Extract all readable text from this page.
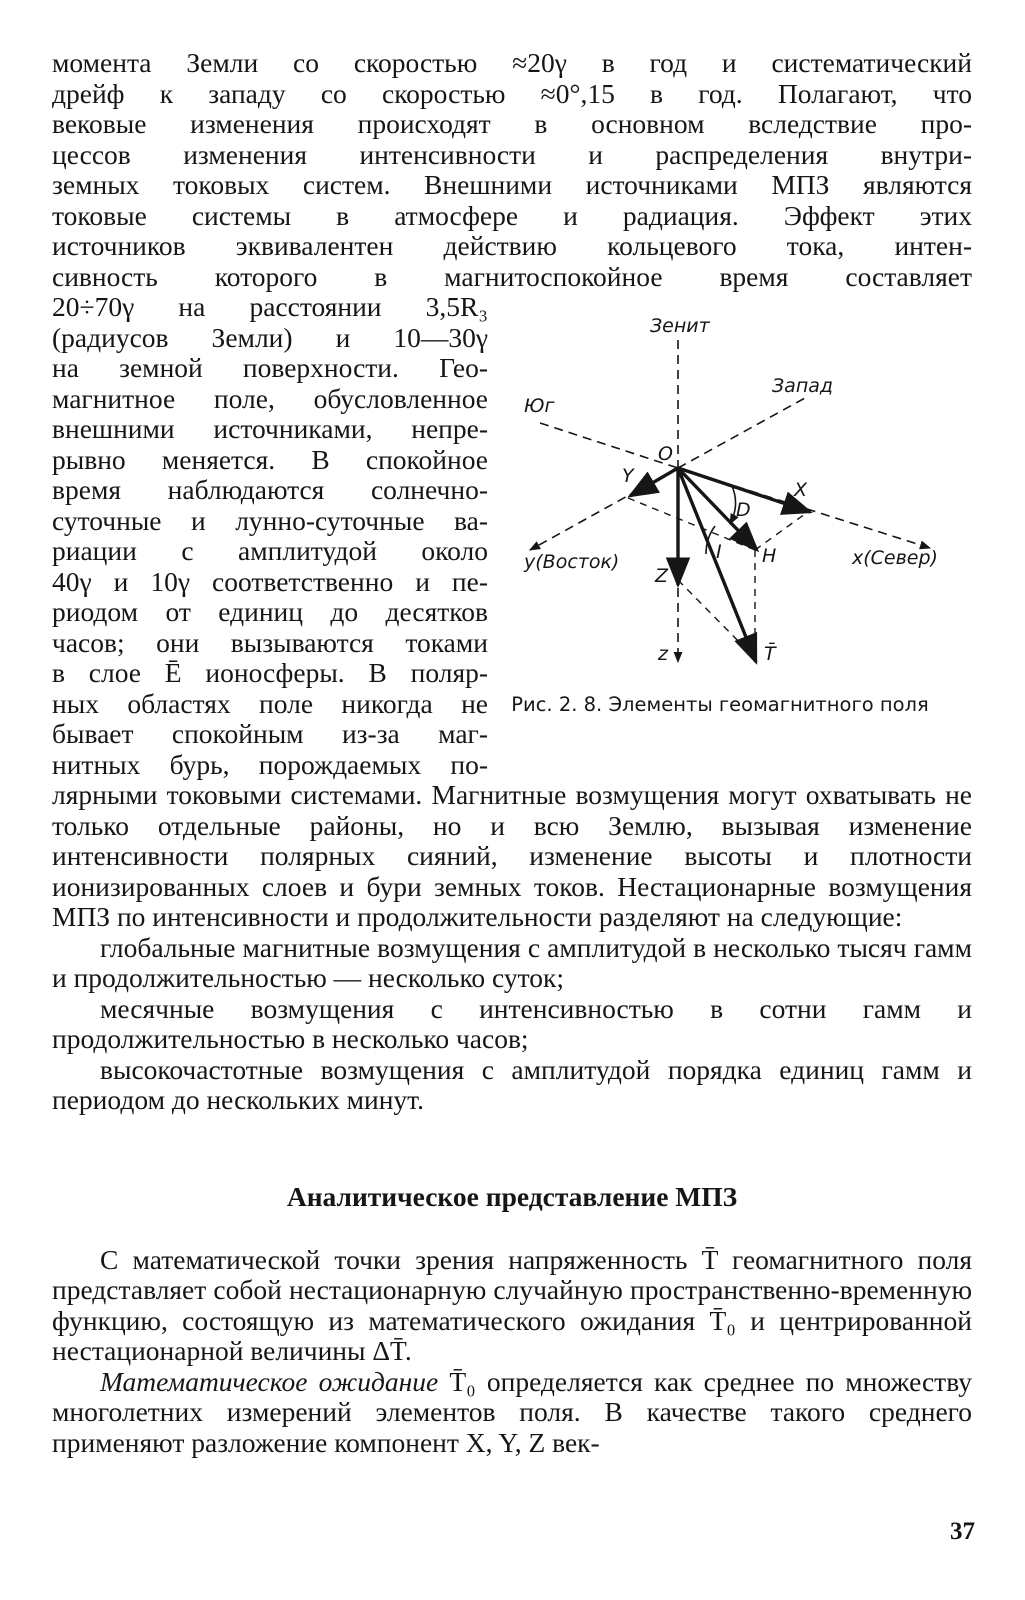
момента Земли со скоростью ≈20γ в год и систематический

дрейф к западу со скоростью ≈0°,15 в год. Полагают, что

вековые изменения происходят в основном вследствие про-

цессов изменения интенсивности и распределения внутри-

земных токовых систем. Внешними источниками МПЗ являются

токовые системы в атмосфере и радиация. Эффект этих

источников эквивалентен действию кольцевого тока, интен-

сивность которого в магнитоспокойное время составляет

20÷70γ на расстоянии 3,5R₃

(радиусов Земли) и 10—30γ

на земной поверхности. Гео-

магнитное поле, обусловленное

внешними источниками, непре-

рывно меняется. В спокойное

время наблюдаются солнечно-

суточные и лунно-суточные ва-

риации с амплитудой около

40γ и 10γ соответственно и пе-

риодом от единиц до десятков

часов; они вызываются токами

в слое Ē ионосферы. В поляр-

ных областях поле никогда не

бывает спокойным из-за маг-

нитных бурь, порождаемых по-

лярными токовыми системами. Магнитные возмущения могут охватывать не только отдельные районы, но и всю Землю, вызывая изменение интенсивности полярных сияний, изменение высоты и плотности ионизированных слоев и бури земных токов. Нестационарные возмущения МПЗ по интенсивности и продолжительности разделяют на следующие:

глобальные магнитные возмущения с амплитудой в несколько тысяч гамм и продолжительностью — несколько суток;

месячные возмущения с интенсивностью в сотни гамм и продолжительностью в несколько часов;

высокочастотные возмущения с амплитудой порядка единиц гамм и периодом до нескольких минут.

Зенит
Запад
Юг
О
Y
X
D
I H
Z
z	T̄
y(Восток)	x(Север)
Рис. 2. 8. Элементы геомагнитного поля

Аналитическое представление МПЗ

С математической точки зрения напряженность T̄ геомагнитного поля представляет собой нестационарную случайную пространственно-временную функцию, состоящую из математического ожидания T̄₀ и центрированной нестационарной величины ΔT̄.

Математическое ожидание T̄₀ определяется как среднее по множеству многолетних измерений элементов поля. В качестве такого среднего применяют разложение компонент X, Y, Z век-

37
